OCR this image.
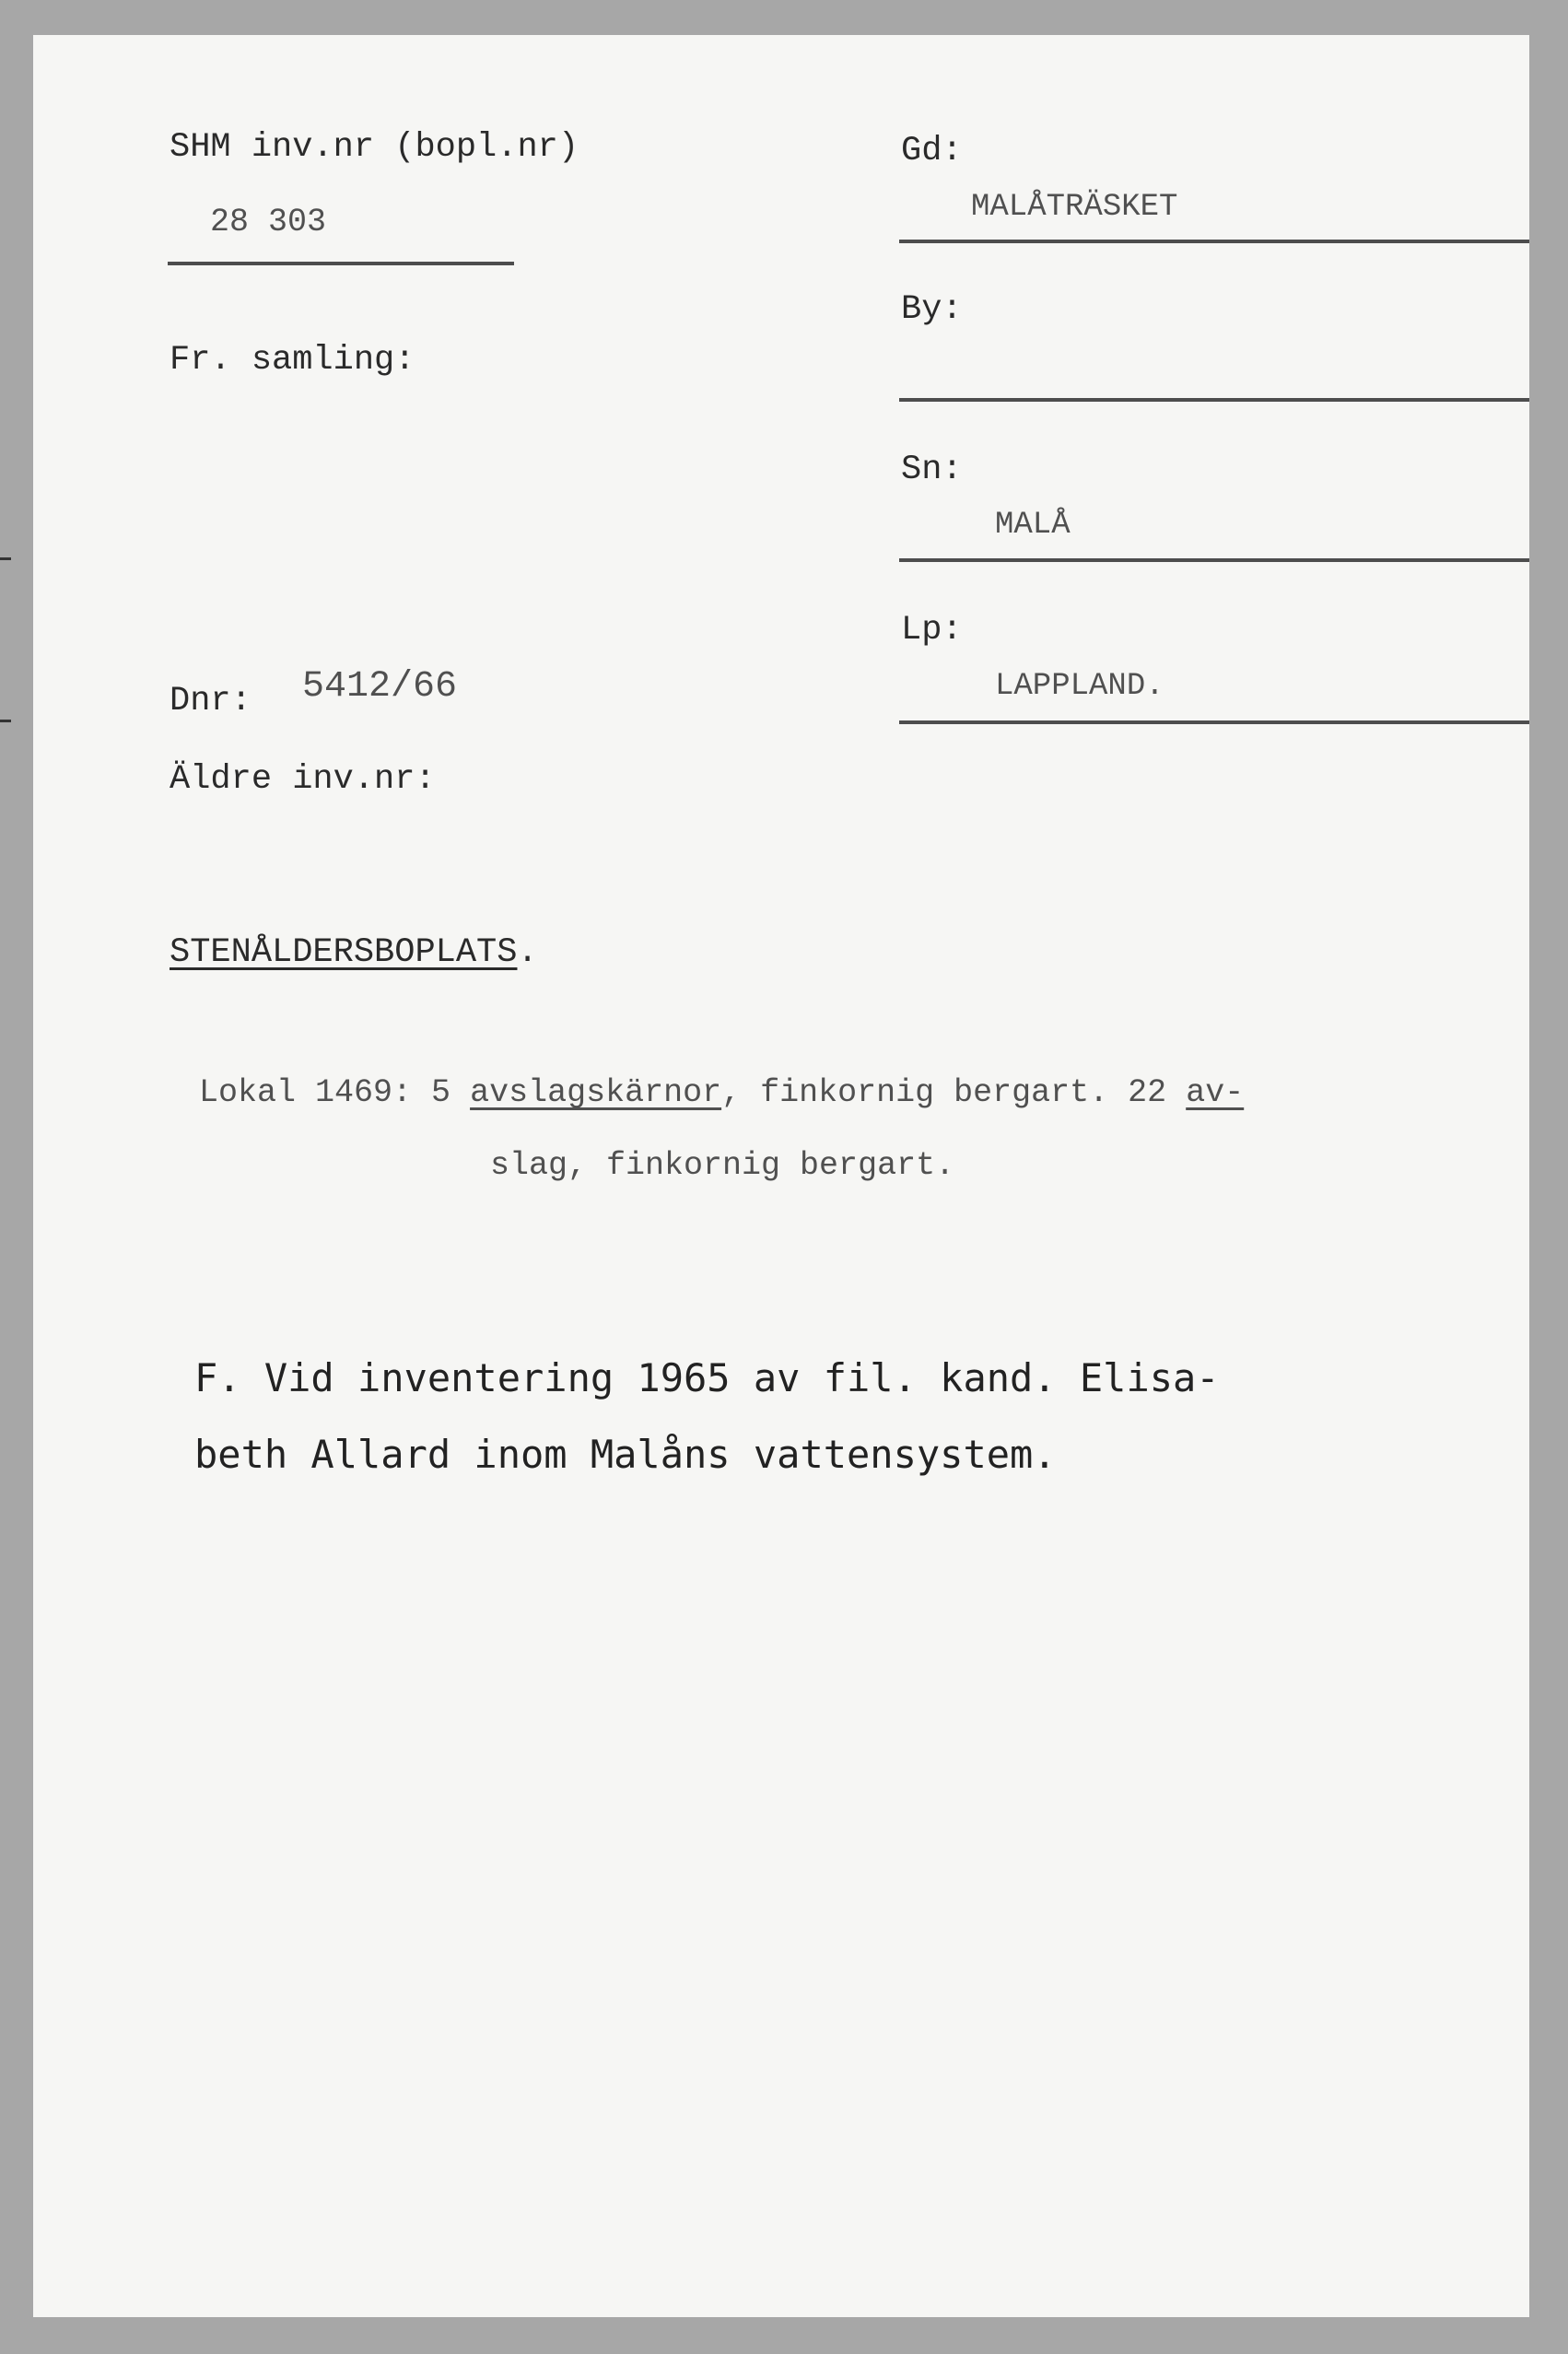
SHM inv.nr (bopl.nr)
28 303
Fr. samling:
Dnr: 5412/66
Äldre inv.nr:
Gd:
MALÅTRÄSKET
By:
Sn:
MALÅ
Lp:
LAPPLAND.
STENÅLDERSBOPLATS.
Lokal 1469: 5 avslagskärnor, finkornig bergart. 22 av-
slag, finkornig bergart.
F. Vid inventering 1965 av fil. kand. Elisa-
beth Allard inom Malåns vattensystem.
